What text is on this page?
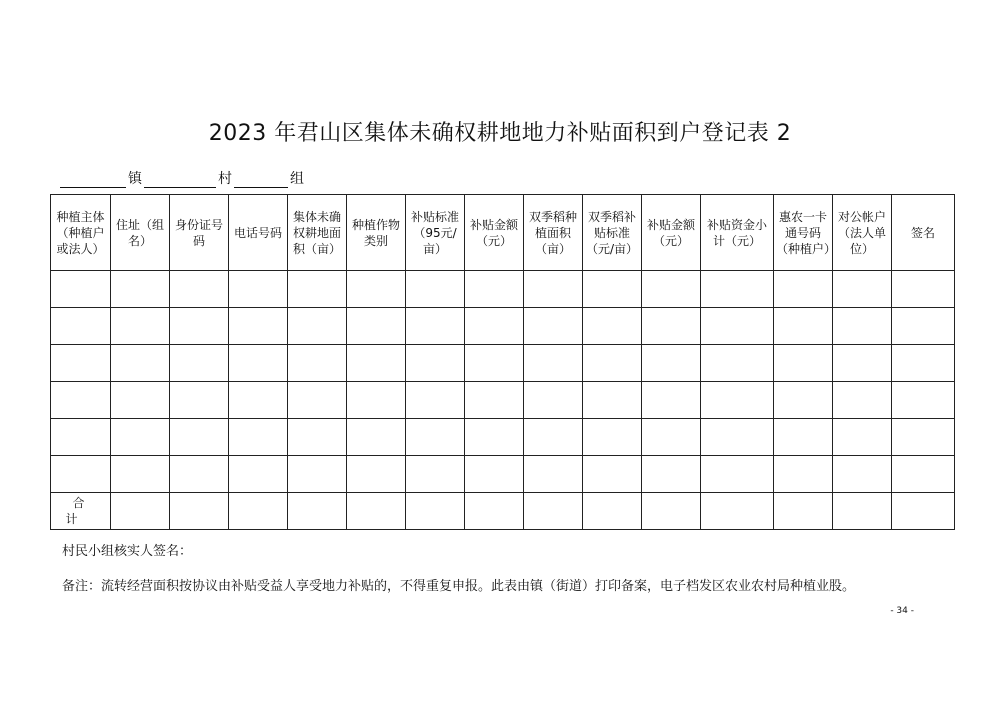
2023 年君山区集体未确权耕地地力补贴面积到户登记表 2
镇	村	组
种植主体（种植户或法人）	住址（组名）	身份证号码	电话号码	集体未确权耕地面积（亩）	种植作物类别	补贴标准（95元/亩）	补贴金额（元）	双季稻种植面积（亩）	双季稻补贴标准（元/亩）	补贴金额（元）	补贴资金小计（元）	惠农一卡通号码（种植户）	对公帐户（法人单位）	签名

合计														
村民小组核实人签名：
备注：流转经营面积按协议由补贴受益人享受地力补贴的，不得重复申报。此表由镇（街道）打印备案，电子档发区农业农村局种植业股。
- 34 -
